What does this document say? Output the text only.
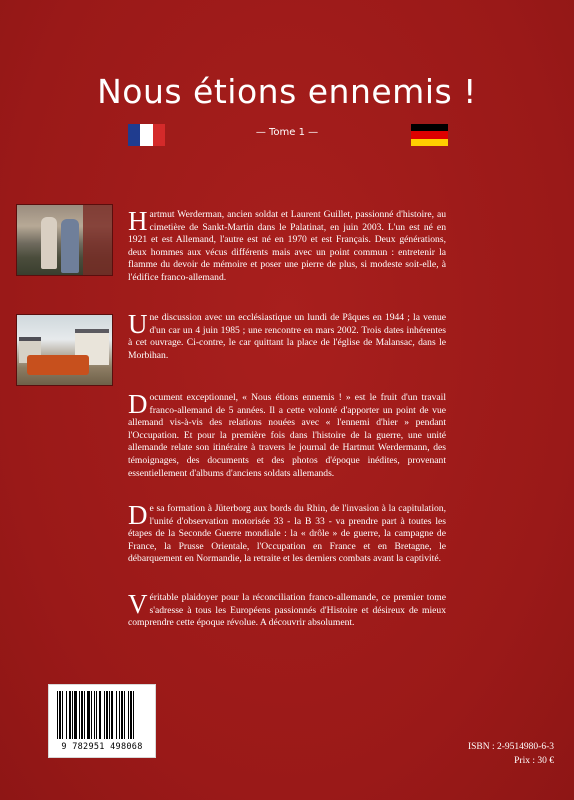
Nous étions ennemis !
— Tome 1 —
Hartmut Werderman, ancien soldat et Laurent Guillet, passionné d'histoire, au cimetière de Sankt-Martin dans le Palatinat, en juin 2003. L'un est né en 1921 et est Allemand, l'autre est né en 1970 et est Français. Deux générations, deux hommes aux vécus différents mais avec un point commun : entretenir la flamme du devoir de mémoire et poser une pierre de plus, si modeste soit-elle, à l'édifice franco-allemand.
Une discussion avec un ecclésiastique un lundi de Pâques en 1944 ; la venue d'un car un 4 juin 1985 ; une rencontre en mars 2002. Trois dates inhérentes à cet ouvrage. Ci-contre, le car quittant la place de l'église de Malansac, dans le Morbihan.
Document exceptionnel, « Nous étions ennemis ! » est le fruit d'un travail franco-allemand de 5 années. Il a cette volonté d'apporter un point de vue allemand vis-à-vis des relations nouées avec « l'ennemi d'hier » pendant l'Occupation. Et pour la première fois dans l'histoire de la guerre, une unité allemande relate son itinéraire à travers le journal de Hartmut Werdermann, des témoignages, des documents et des photos d'époque inédites, provenant essentiellement d'albums d'anciens soldats allemands.
De sa formation à Jüterborg aux bords du Rhin, de l'invasion à la capitulation, l'unité d'observation motorisée 33 - la B 33 - va prendre part à toutes les étapes de la Seconde Guerre mondiale : la « drôle » de guerre, la campagne de France, la Prusse Orientale, l'Occupation en France et en Bretagne, le débarquement en Normandie, la retraite et les derniers combats avant la captivité.
Véritable plaidoyer pour la réconciliation franco-allemande, ce premier tome s'adresse à tous les Européens passionnés d'Histoire et désireux de mieux comprendre cette époque révolue. A découvrir absolument.
9 782951 498068	ISBN : 2-9514980-6-3
Prix : 30 €
